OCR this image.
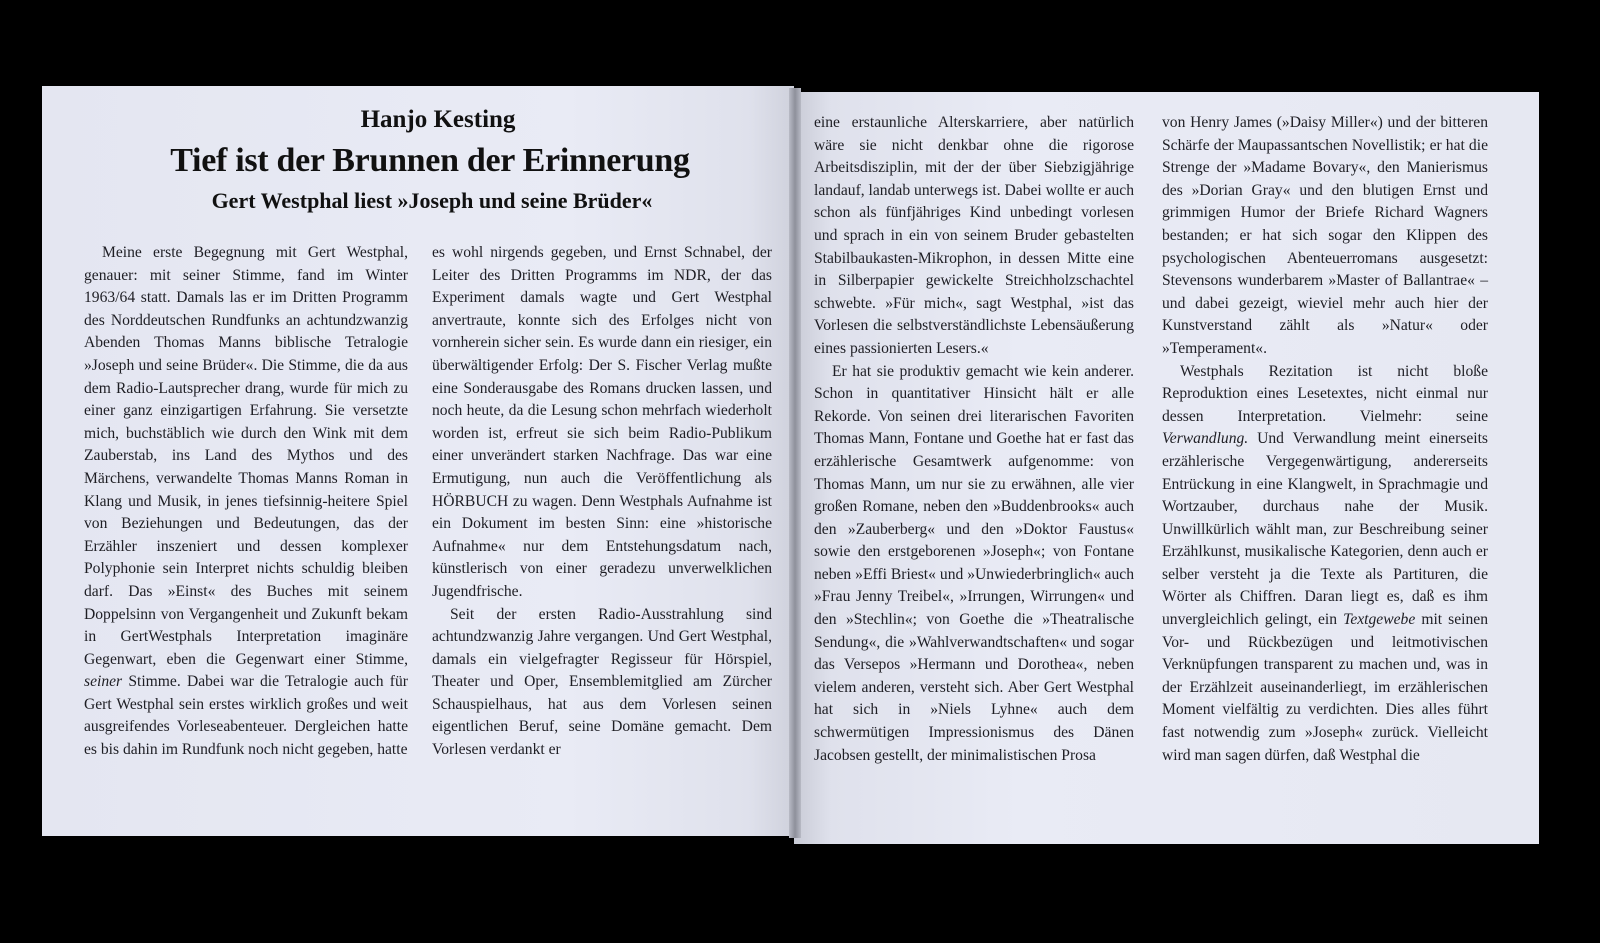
Hanjo Kesting
Tief ist der Brunnen der Erinnerung
Gert Westphal liest »Joseph und seine Brüder«

Meine erste Begegnung mit Gert Westphal, genauer: mit seiner Stimme, fand im Winter 1963/64 statt. Damals las er im Dritten Programm des Norddeutschen Rundfunks an achtundzwanzig Abenden Thomas Manns biblische Tetralogie »Joseph und seine Brüder«. Die Stimme, die da aus dem Radio-Lautsprecher drang, wurde für mich zu einer ganz einzigartigen Erfahrung. Sie versetzte mich, buchstäblich wie durch den Wink mit dem Zauberstab, ins Land des Mythos und des Märchens, verwandelte Thomas Manns Roman in Klang und Musik, in jenes tiefsinnig-heitere Spiel von Beziehungen und Bedeutungen, das der Erzähler inszeniert und dessen komplexer Polyphonie sein Interpret nichts schuldig bleiben darf. Das »Einst« des Buches mit seinem Doppelsinn von Vergangenheit und Zukunft bekam in GertWestphals Interpretation imaginäre Gegenwart, eben die Gegenwart einer Stimme, seiner Stimme. Dabei war die Tetralogie auch für Gert Westphal sein erstes wirklich großes und weit ausgreifendes Vorleseabenteuer. Dergleichen hatte es bis dahin im Rundfunk noch nicht gegeben, hatte

es wohl nirgends gegeben, und Ernst Schnabel, der Leiter des Dritten Programms im NDR, der das Experiment damals wagte und Gert Westphal anvertraute, konnte sich des Erfolges nicht von vornherein sicher sein. Es wurde dann ein riesiger, ein überwältigender Erfolg: Der S. Fischer Verlag mußte eine Sonderausgabe des Romans drucken lassen, und noch heute, da die Lesung schon mehrfach wiederholt worden ist, erfreut sie sich beim Radio-Publikum einer unverändert starken Nachfrage. Das war eine Ermutigung, nun auch die Veröffentlichung als HÖRBUCH zu wagen. Denn Westphals Aufnahme ist ein Dokument im besten Sinn: eine »historische Aufnahme« nur dem Entstehungsdatum nach, künstlerisch von einer geradezu unverwelklichen Jugendfrische.

Seit der ersten Radio-Ausstrahlung sind achtundzwanzig Jahre vergangen. Und Gert Westphal, damals ein vielgefragter Regisseur für Hörspiel, Theater und Oper, Ensemblemitglied am Zürcher Schauspielhaus, hat aus dem Vorlesen seinen eigentlichen Beruf, seine Domäne gemacht. Dem Vorlesen verdankt er

eine erstaunliche Alterskarriere, aber natürlich wäre sie nicht denkbar ohne die rigorose Arbeitsdisziplin, mit der der über Siebzigjährige landauf, landab unterwegs ist. Dabei wollte er auch schon als fünfjähriges Kind unbedingt vorlesen und sprach in ein von seinem Bruder gebastelten Stabilbaukasten-Mikrophon, in dessen Mitte eine in Silberpapier gewickelte Streichholzschachtel schwebte. »Für mich«, sagt Westphal, »ist das Vorlesen die selbstverständlichste Lebensäußerung eines passionierten Lesers.«

Er hat sie produktiv gemacht wie kein anderer. Schon in quantitativer Hinsicht hält er alle Rekorde. Von seinen drei literarischen Favoriten Thomas Mann, Fontane und Goethe hat er fast das erzählerische Gesamtwerk aufgenomme: von Thomas Mann, um nur sie zu erwähnen, alle vier großen Romane, neben den »Buddenbrooks« auch den »Zauberberg« und den »Doktor Faustus« sowie den erstgeborenen »Joseph«; von Fontane neben »Effi Briest« und »Unwiederbringlich« auch »Frau Jenny Treibel«, »Irrungen, Wirrungen« und den »Stechlin«; von Goethe die »Theatralische Sendung«, die »Wahlverwandtschaften« und sogar das Versepos »Hermann und Dorothea«, neben vielem anderen, versteht sich. Aber Gert Westphal hat sich in »Niels Lyhne« auch dem schwermütigen Impressionismus des Dänen Jacobsen gestellt, der minimalistischen Prosa

von Henry James (»Daisy Miller«) und der bitteren Schärfe der Maupassantschen Novellistik; er hat die Strenge der »Madame Bovary«, den Manierismus des »Dorian Gray« und den blutigen Ernst und grimmigen Humor der Briefe Richard Wagners bestanden; er hat sich sogar den Klippen des psychologischen Abenteuerromans ausgesetzt: Stevensons wunderbarem »Master of Ballantrae« – und dabei gezeigt, wieviel mehr auch hier der Kunstverstand zählt als »Natur« oder »Temperament«.

Westphals Rezitation ist nicht bloße Reproduktion eines Lesetextes, nicht einmal nur dessen Interpretation. Vielmehr: seine Verwandlung. Und Verwandlung meint einerseits erzählerische Vergegenwärtigung, andererseits Entrückung in eine Klangwelt, in Sprachmagie und Wortzauber, durchaus nahe der Musik. Unwillkürlich wählt man, zur Beschreibung seiner Erzählkunst, musikalische Kategorien, denn auch er selber versteht ja die Texte als Partituren, die Wörter als Chiffren. Daran liegt es, daß es ihm unvergleichlich gelingt, ein Textgewebe mit seinen Vor- und Rückbezügen und leitmotivischen Verknüpfungen transparent zu machen und, was in der Erzählzeit auseinanderliegt, im erzählerischen Moment vielfältig zu verdichten. Dies alles führt fast notwendig zum »Joseph« zurück. Vielleicht wird man sagen dürfen, daß Westphal die
